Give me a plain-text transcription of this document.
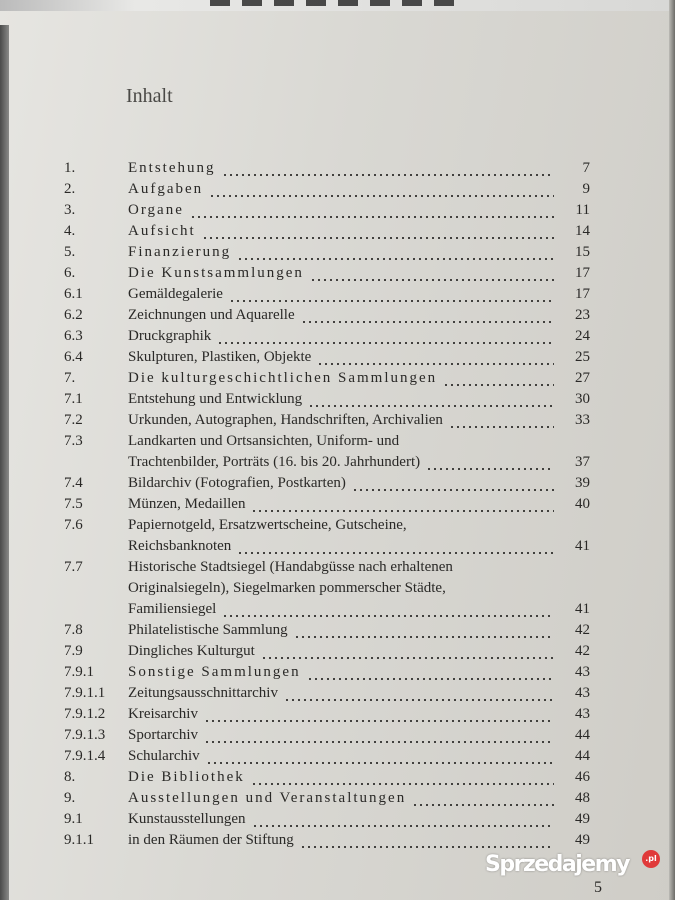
Inhalt
1.	Entstehung	7
2.	Aufgaben	9
3.	Organe	11
4.	Aufsicht	14
5.	Finanzierung	15
6.	Die Kunstsammlungen	17
6.1	Gemäldegalerie	17
6.2	Zeichnungen und Aquarelle	23
6.3	Druckgraphik	24
6.4	Skulpturen, Plastiken, Objekte	25
7.	Die kulturgeschichtlichen Sammlungen	27
7.1	Entstehung und Entwicklung	30
7.2	Urkunden, Autographen, Handschriften, Archivalien	33
7.3	Landkarten und Ortsansichten, Uniform- und
Trachtenbilder, Porträts (16. bis 20. Jahrhundert)	37
7.4	Bildarchiv (Fotografien, Postkarten)	39
7.5	Münzen, Medaillen	40
7.6	Papiernotgeld, Ersatzwertscheine, Gutscheine,
Reichsbanknoten	41
7.7	Historische Stadtsiegel (Handabgüsse nach erhaltenen
Originalsiegeln), Siegelmarken pommerscher Städte,
Familiensiegel	41
7.8	Philatelistische Sammlung	42
7.9	Dingliches Kulturgut	42
7.9.1	Sonstige Sammlungen	43
7.9.1.1	Zeitungsausschnittarchiv	43
7.9.1.2	Kreisarchiv	43
7.9.1.3	Sportarchiv	44
7.9.1.4	Schularchiv	44
8.	Die Bibliothek	46
9.	Ausstellungen und Veranstaltungen	48
9.1	Kunstausstellungen	49
9.1.1	in den Räumen der Stiftung	49
Sprzedajemy	.pl
5
